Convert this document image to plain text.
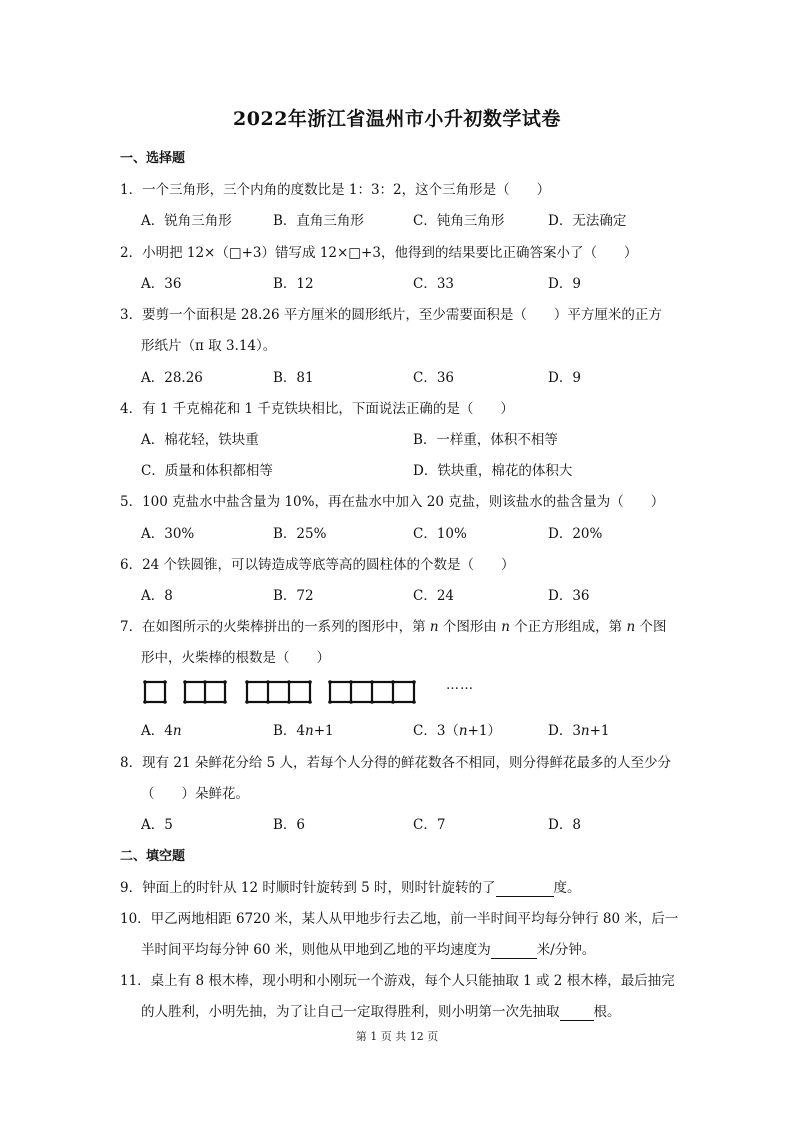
2022年浙江省温州市小升初数学试卷
一、选择题
1．一个三角形，三个内角的度数比是 1：3：2，这个三角形是（　　）
A．锐角三角形	B．直角三角形	C．钝角三角形	D．无法确定
2．小明把 12×（□+3）错写成 12×□+3，他得到的结果要比正确答案小了（　　）
A．36	B．12	C．33	D．9
3．要剪一个面积是 28.26 平方厘米的圆形纸片，至少需要面积是（　　）平方厘米的正方
形纸片（π 取 3.14）。
A．28.26	B．81	C．36	D．9
4．有 1 千克棉花和 1 千克铁块相比，下面说法正确的是（　　）
A．棉花轻，铁块重	B．一样重，体积不相等
C．质量和体积都相等	D．铁块重，棉花的体积大
5．100 克盐水中盐含量为 10%，再在盐水中加入 20 克盐，则该盐水的盐含量为（　　）
A．30%	B．25%	C．10%	D．20%
6．24 个铁圆锥，可以铸造成等底等高的圆柱体的个数是（　　）
A．8	B．72	C．24	D．36
7．在如图所示的火柴棒拼出的一系列的图形中，第 n 个图形由 n 个正方形组成，第 n 个图
形中，火柴棒的根数是（　　）
……
A．4n	B．4n+1	C．3（n+1）	D．3n+1
8．现有 21 朵鲜花分给 5 人，若每个人分得的鲜花数各不相同，则分得鲜花最多的人至少分
（　　）朵鲜花。
A．5	B．6	C．7	D．8
二、填空题
9．钟面上的时针从 12 时顺时针旋转到 5 时，则时针旋转的了	度。
10．甲乙两地相距 6720 米，某人从甲地步行去乙地，前一半时间平均每分钟行 80 米，后一
半时间平均每分钟 60 米，则他从甲地到乙地的平均速度为	米/分钟。
11．桌上有 8 根木棒，现小明和小刚玩一个游戏，每个人只能抽取 1 或 2 根木棒，最后抽完
的人胜利，小明先抽，为了让自己一定取得胜利，则小明第一次先抽取	根。
第 1 页 共 12 页
